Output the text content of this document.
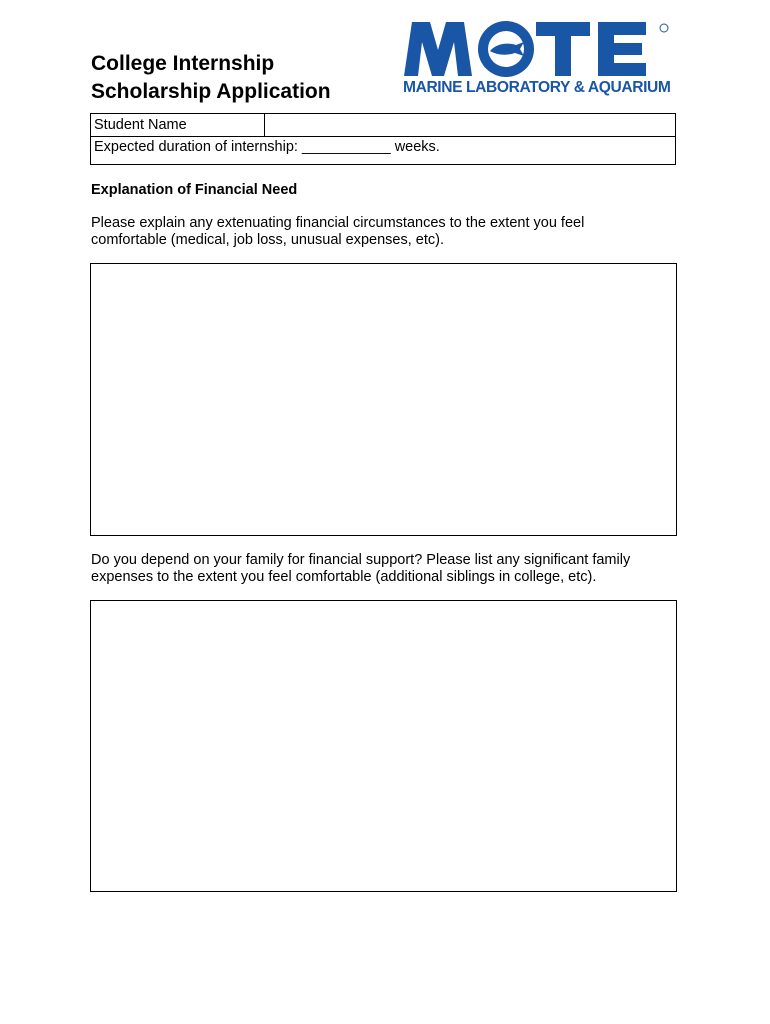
College Internship
Scholarship Application	MARINE LABORATORY & AQUARIUM
Student Name	
Expected duration of internship: ___________ weeks.
Explanation of Financial Need

Please explain any extenuating financial circumstances to the extent you feel
comfortable (medical, job loss, unusual expenses, etc).

Do you depend on your family for financial support? Please list any significant family
expenses to the extent you feel comfortable (additional siblings in college, etc).
